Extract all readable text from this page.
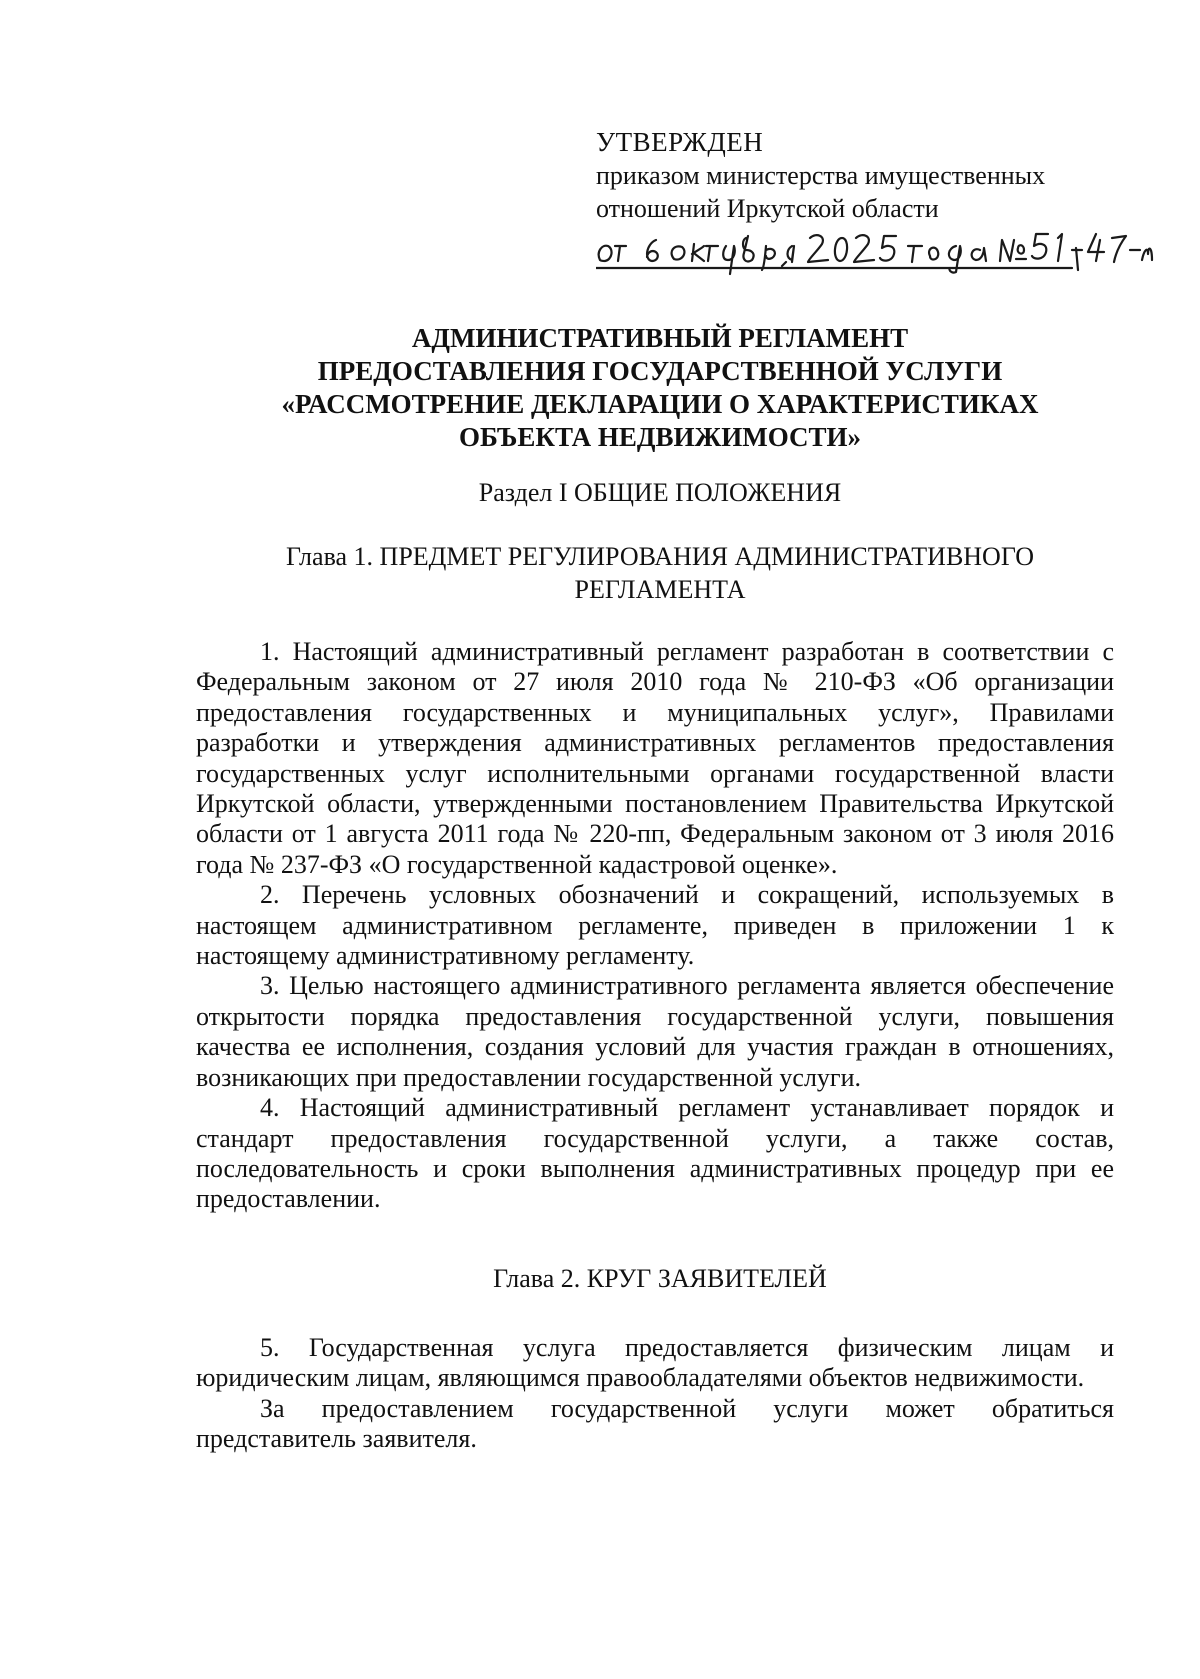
УТВЕРЖДЕН
приказом министерства имущественных
отношений Иркутской области
АДМИНИСТРАТИВНЫЙ РЕГЛАМЕНТ
ПРЕДОСТАВЛЕНИЯ ГОСУДАРСТВЕННОЙ УСЛУГИ
«РАССМОТРЕНИЕ ДЕКЛАРАЦИИ О ХАРАКТЕРИСТИКАХ
ОБЪЕКТА НЕДВИЖИМОСТИ»
Раздел I ОБЩИЕ ПОЛОЖЕНИЯ
Глава 1. ПРЕДМЕТ РЕГУЛИРОВАНИЯ АДМИНИСТРАТИВНОГО
РЕГЛАМЕНТА

1. Настоящий административный регламент разработан в соответствии с Федеральным законом от 27 июля 2010 года № 210-ФЗ «Об организации предоставления государственных и муниципальных услуг», Правилами разработки и утверждения административных регламентов предоставления государственных услуг исполнительными органами государственной власти Иркутской области, утвержденными постановлением Правительства Иркутской области от 1 августа 2011 года № 220-пп, Федеральным законом от 3 июля 2016 года № 237-ФЗ «О государственной кадастровой оценке».

2. Перечень условных обозначений и сокращений, используемых в настоящем административном регламенте, приведен в приложении 1 к настоящему административному регламенту.

3. Целью настоящего административного регламента является обеспечение открытости порядка предоставления государственной услуги, повышения качества ее исполнения, создания условий для участия граждан в отношениях, возникающих при предоставлении государственной услуги.

4. Настоящий административный регламент устанавливает порядок и стандарт предоставления государственной услуги, а также состав, последовательность и сроки выполнения административных процедур при ее предоставлении.

Глава 2. КРУГ ЗАЯВИТЕЛЕЙ

5. Государственная услуга предоставляется физическим лицам и юридическим лицам, являющимся правообладателями объектов недвижимости.

За предоставлением государственной услуги может обратиться представитель заявителя.
